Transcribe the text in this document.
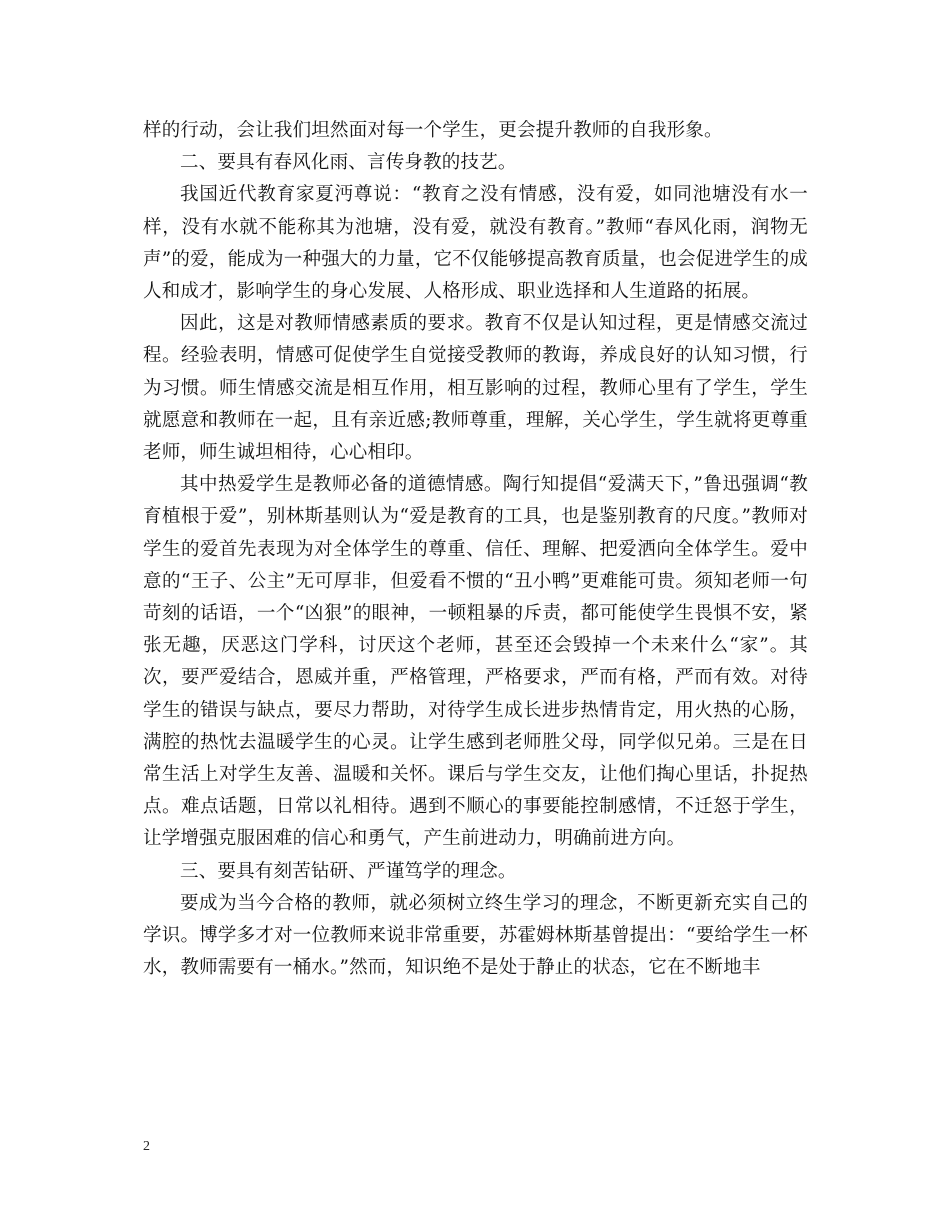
样的行动，会让我们坦然面对每一个学生，更会提升教师的自我形象。

二、要具有春风化雨、言传身教的技艺。

我国近代教育家夏沔尊说：“教育之没有情感，没有爱，如同池塘没有水一样，没有水就不能称其为池塘，没有爱，就没有教育。”教师“春风化雨，润物无声”的爱，能成为一种强大的力量，它不仅能够提高教育质量，也会促进学生的成人和成才，影响学生的身心发展、人格形成、职业选择和人生道路的拓展。

因此，这是对教师情感素质的要求。教育不仅是认知过程，更是情感交流过程。经验表明，情感可促使学生自觉接受教师的教诲，养成良好的认知习惯，行为习惯。师生情感交流是相互作用，相互影响的过程，教师心里有了学生，学生就愿意和教师在一起，且有亲近感;教师尊重，理解，关心学生，学生就将更尊重老师，师生诚坦相待，心心相印。

其中热爱学生是教师必备的道德情感。陶行知提倡“爱满天下，”鲁迅强调“教育植根于爱”，别林斯基则认为“爱是教育的工具，也是鉴别教育的尺度。”教师对学生的爱首先表现为对全体学生的尊重、信任、理解、把爱洒向全体学生。爱中意的“王子、公主”无可厚非，但爱看不惯的“丑小鸭”更难能可贵。须知老师一句苛刻的话语，一个“凶狠”的眼神，一顿粗暴的斥责，都可能使学生畏惧不安，紧张无趣，厌恶这门学科，讨厌这个老师，甚至还会毁掉一个未来什么“家”。其次，要严爱结合，恩威并重，严格管理，严格要求，严而有格，严而有效。对待学生的错误与缺点，要尽力帮助，对待学生成长进步热情肯定，用火热的心肠，满腔的热忱去温暖学生的心灵。让学生感到老师胜父母，同学似兄弟。三是在日常生活上对学生友善、温暖和关怀。课后与学生交友，让他们掏心里话，扑捉热点。难点话题，日常以礼相待。遇到不顺心的事要能控制感情，不迁怒于学生，让学增强克服困难的信心和勇气，产生前进动力，明确前进方向。

三、要具有刻苦钻研、严谨笃学的理念。

要成为当今合格的教师，就必须树立终生学习的理念，不断更新充实自己的学识。博学多才对一位教师来说非常重要，苏霍姆林斯基曾提出：“要给学生一杯水，教师需要有一桶水。”然而，知识绝不是处于静止的状态，它在不断地丰

2
